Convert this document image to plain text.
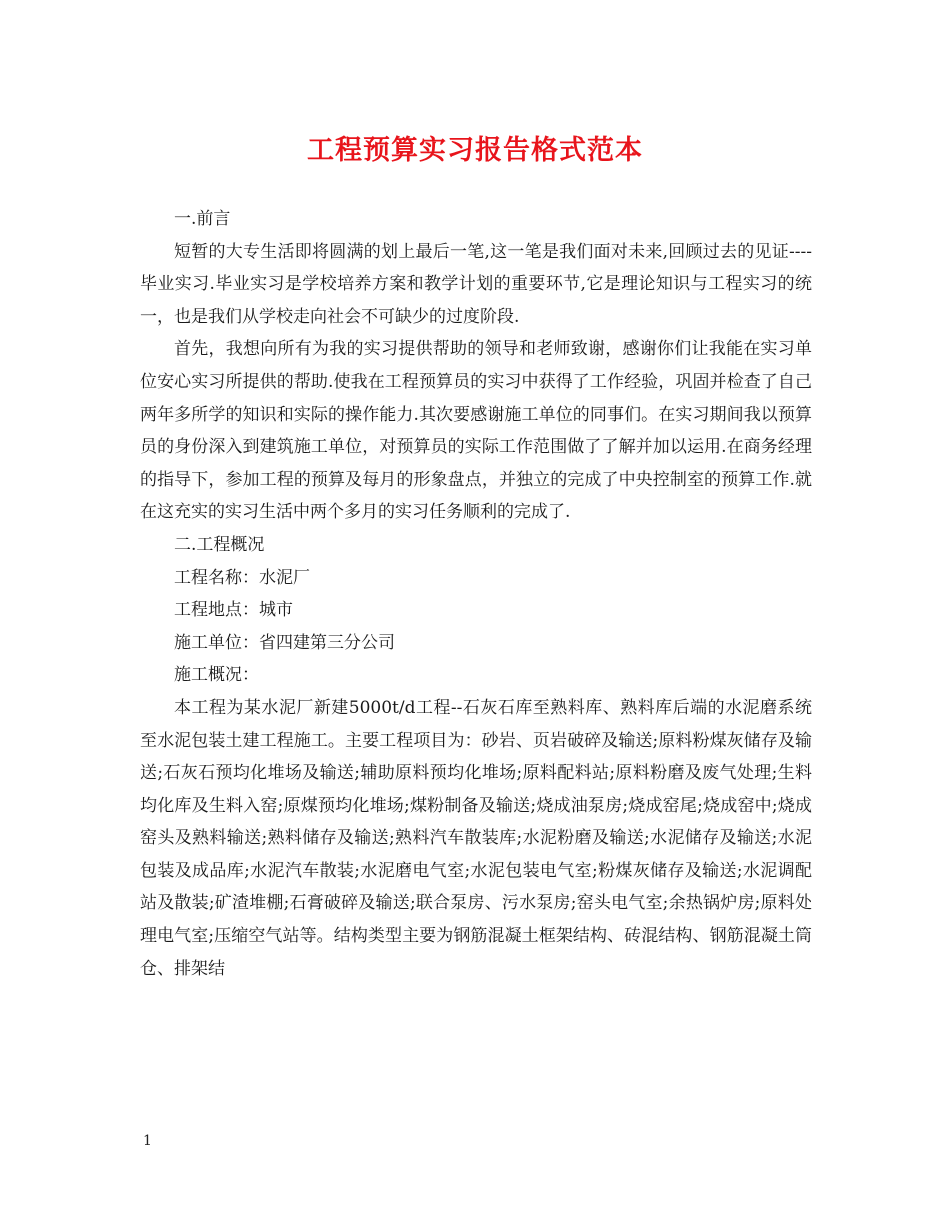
工程预算实习报告格式范本

一.前言

短暂的大专生活即将圆满的划上最后一笔,这一笔是我们面对未来,回顾过去的见证----毕业实习.毕业实习是学校培养方案和教学计划的重要环节,它是理论知识与工程实习的统一，也是我们从学校走向社会不可缺少的过度阶段.

首先，我想向所有为我的实习提供帮助的领导和老师致谢，感谢你们让我能在实习单位安心实习所提供的帮助.使我在工程预算员的实习中获得了工作经验，巩固并检查了自己两年多所学的知识和实际的操作能力.其次要感谢施工单位的同事们。在实习期间我以预算员的身份深入到建筑施工单位，对预算员的实际工作范围做了了解并加以运用.在商务经理的指导下，参加工程的预算及每月的形象盘点，并独立的完成了中央控制室的预算工作.就在这充实的实习生活中两个多月的实习任务顺利的完成了.

二.工程概况

工程名称：水泥厂

工程地点：城市

施工单位：省四建第三分公司

施工概况：

本工程为某水泥厂新建5000t/d工程--石灰石库至熟料库、熟料库后端的水泥磨系统至水泥包装土建工程施工。主要工程项目为：砂岩、页岩破碎及输送;原料粉煤灰储存及输送;石灰石预均化堆场及输送;辅助原料预均化堆场;原料配料站;原料粉磨及废气处理;生料均化库及生料入窑;原煤预均化堆场;煤粉制备及输送;烧成油泵房;烧成窑尾;烧成窑中;烧成窑头及熟料输送;熟料储存及输送;熟料汽车散装库;水泥粉磨及输送;水泥储存及输送;水泥包装及成品库;水泥汽车散装;水泥磨电气室;水泥包装电气室;粉煤灰储存及输送;水泥调配站及散装;矿渣堆棚;石膏破碎及输送;联合泵房、污水泵房;窑头电气室;余热锅炉房;原料处理电气室;压缩空气站等。结构类型主要为钢筋混凝土框架结构、砖混结构、钢筋混凝土筒仓、排架结

1
